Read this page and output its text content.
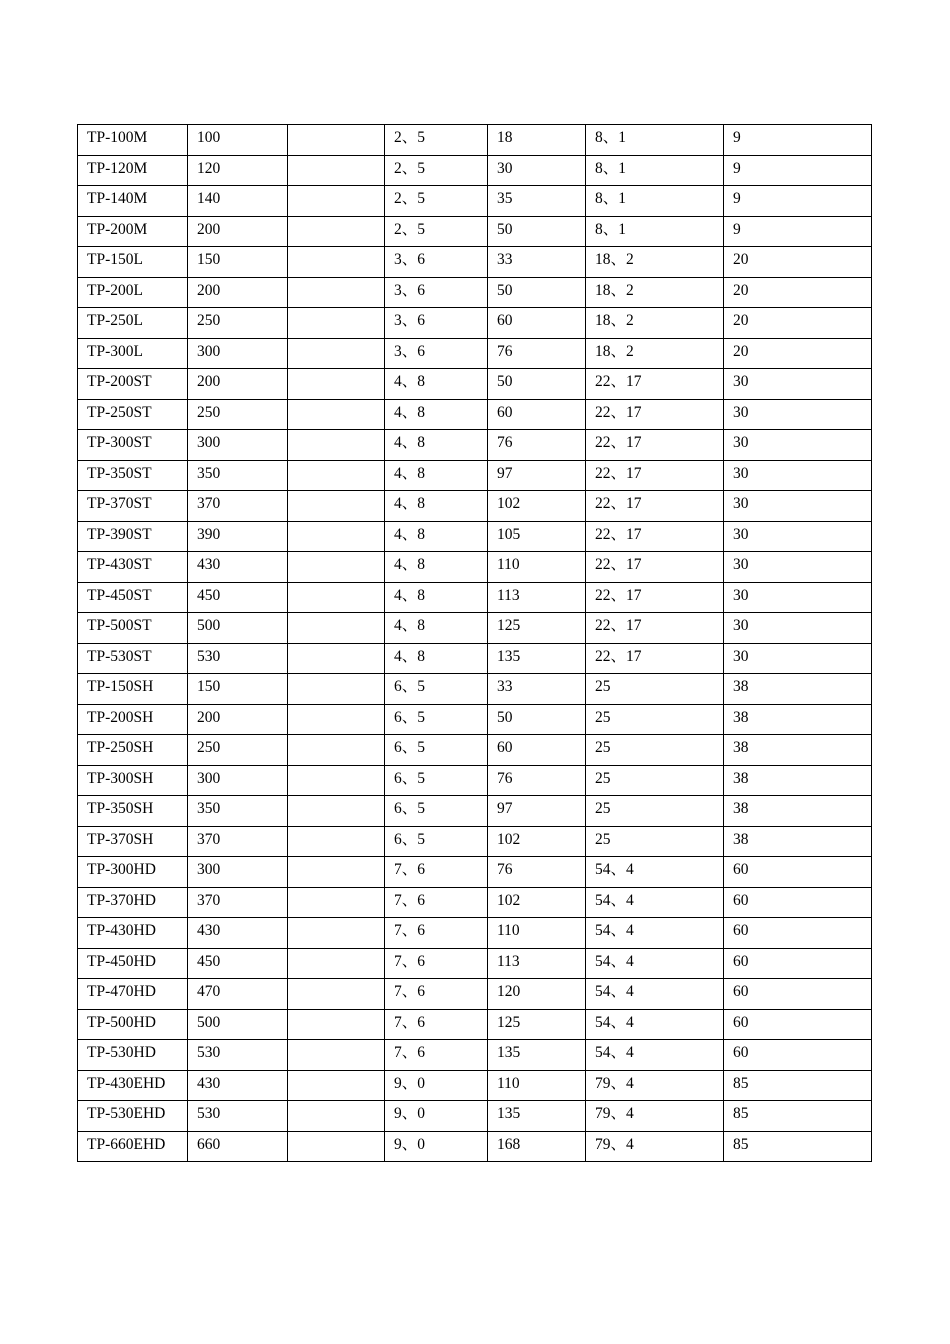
TP-100M	100		2、5	18	8、1	9
TP-120M	120		2、5	30	8、1	9
TP-140M	140		2、5	35	8、1	9
TP-200M	200		2、5	50	8、1	9
TP-150L	150		3、6	33	18、2	20
TP-200L	200		3、6	50	18、2	20
TP-250L	250		3、6	60	18、2	20
TP-300L	300		3、6	76	18、2	20
TP-200ST	200		4、8	50	22、17	30
TP-250ST	250		4、8	60	22、17	30
TP-300ST	300		4、8	76	22、17	30
TP-350ST	350		4、8	97	22、17	30
TP-370ST	370		4、8	102	22、17	30
TP-390ST	390		4、8	105	22、17	30
TP-430ST	430		4、8	110	22、17	30
TP-450ST	450		4、8	113	22、17	30
TP-500ST	500		4、8	125	22、17	30
TP-530ST	530		4、8	135	22、17	30
TP-150SH	150		6、5	33	25	38
TP-200SH	200		6、5	50	25	38
TP-250SH	250		6、5	60	25	38
TP-300SH	300		6、5	76	25	38
TP-350SH	350		6、5	97	25	38
TP-370SH	370		6、5	102	25	38
TP-300HD	300		7、6	76	54、4	60
TP-370HD	370		7、6	102	54、4	60
TP-430HD	430		7、6	110	54、4	60
TP-450HD	450		7、6	113	54、4	60
TP-470HD	470		7、6	120	54、4	60
TP-500HD	500		7、6	125	54、4	60
TP-530HD	530		7、6	135	54、4	60
TP-430EHD	430		9、0	110	79、4	85
TP-530EHD	530		9、0	135	79、4	85
TP-660EHD	660		9、0	168	79、4	85
